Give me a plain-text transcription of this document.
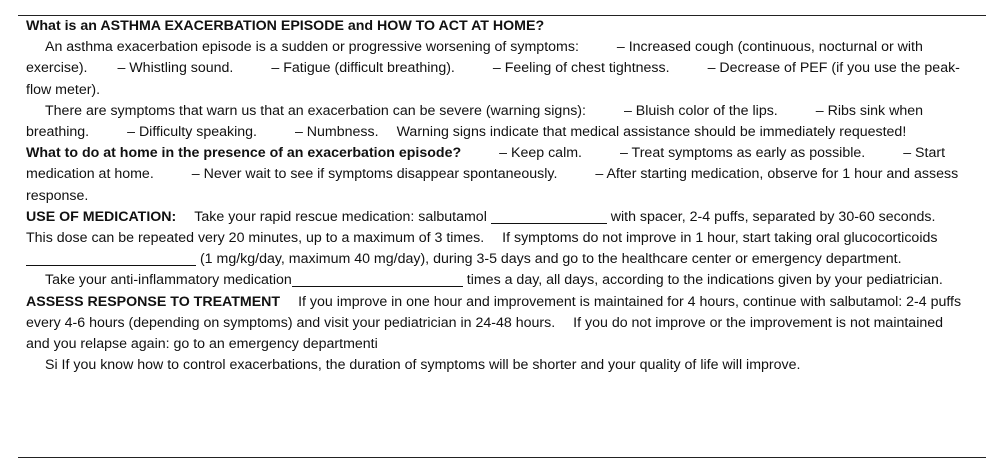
What is an ASTHMA EXACERBATION EPISODE and HOW TO ACT AT HOME?

An asthma exacerbation episode is a sudden or progressive worsening of symptoms:	– Increased cough (continuous, nocturnal or with exercise). – Whistling sound.	– Fatigue (difficult breathing).	– Feeling of chest tightness.	– Decrease of PEF (if you use the peak-flow meter).

There are symptoms that warn us that an exacerbation can be severe (warning signs):	– Bluish color of the lips.	– Ribs sink when breathing.	– Difficulty speaking.	– Numbness. Warning signs indicate that medical assistance should be immediately requested!

What to do at home in the presence of an exacerbation episode?	– Keep calm.	– Treat symptoms as early as possible.	– Start medication at home.	– Never wait to see if symptoms disappear spontaneously.	– After starting medication, observe for 1 hour and assess response.

USE OF MEDICATION: Take your rapid rescue medication: salbutamol	with spacer, 2-4 puffs, separated by 30-60 seconds. This dose can be repeated very 20 minutes, up to a maximum of 3 times. If symptoms do not improve in 1 hour, start taking oral glucocorticoids  (1 mg/kg/day, maximum 40 mg/day), during 3-5 days and go to the healthcare center or emergency department.

Take your anti-inflammatory medication	times a day, all days, according to the indications given by your pediatrician.

ASSESS RESPONSE TO TREATMENT If you improve in one hour and improvement is maintained for 4 hours, continue with salbutamol: 2-4 puffs every 4-6 hours (depending on symptoms) and visit your pediatrician in 24-48 hours. If you do not improve or the improvement is not maintained and you relapse again: go to an emergency departmenti

Si If you know how to control exacerbations, the duration of symptoms will be shorter and your quality of life will improve.
